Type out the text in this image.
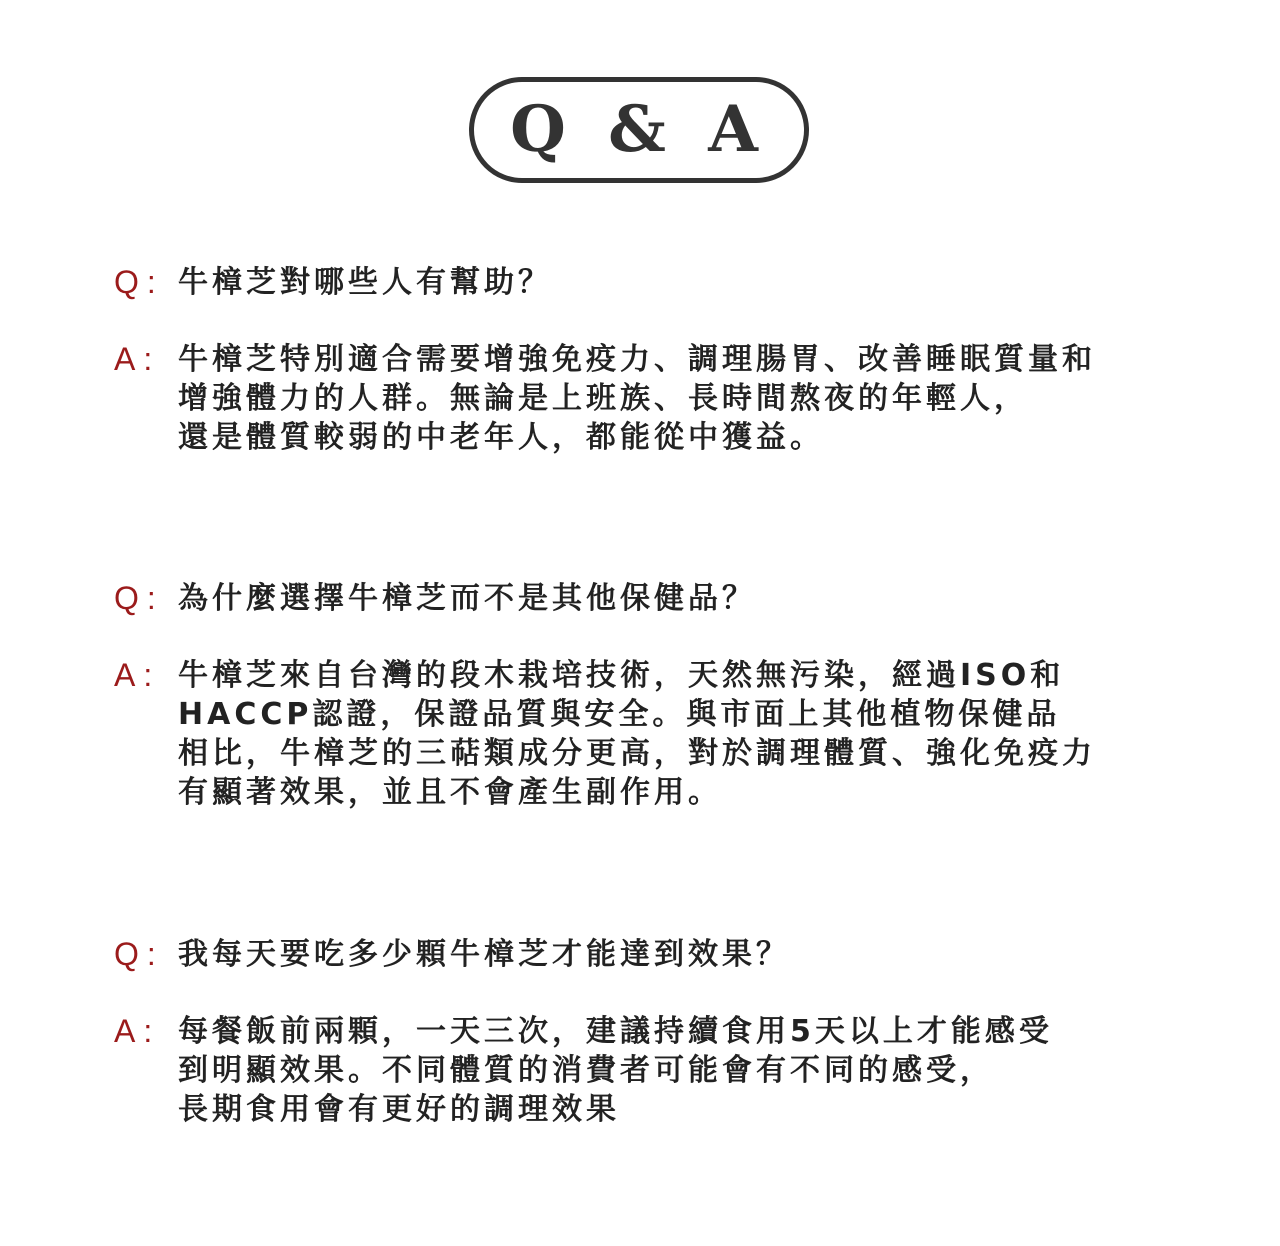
Q & A
Q : 牛樟芝對哪些人有幫助？
A : 牛樟芝特別適合需要增強免疫力、調理腸胃、改善睡眠質量和
增強體力的人群。無論是上班族、長時間熬夜的年輕人，
還是體質較弱的中老年人，都能從中獲益。
Q : 為什麼選擇牛樟芝而不是其他保健品？
A : 牛樟芝來自台灣的段木栽培技術，天然無污染，經過ISO和
HACCP認證，保證品質與安全。與市面上其他植物保健品
相比，牛樟芝的三萜類成分更高，對於調理體質、強化免疫力
有顯著效果，並且不會產生副作用。
Q : 我每天要吃多少顆牛樟芝才能達到效果？
A : 每餐飯前兩顆，一天三次，建議持續食用5天以上才能感受
到明顯效果。不同體質的消費者可能會有不同的感受，
長期食用會有更好的調理效果
